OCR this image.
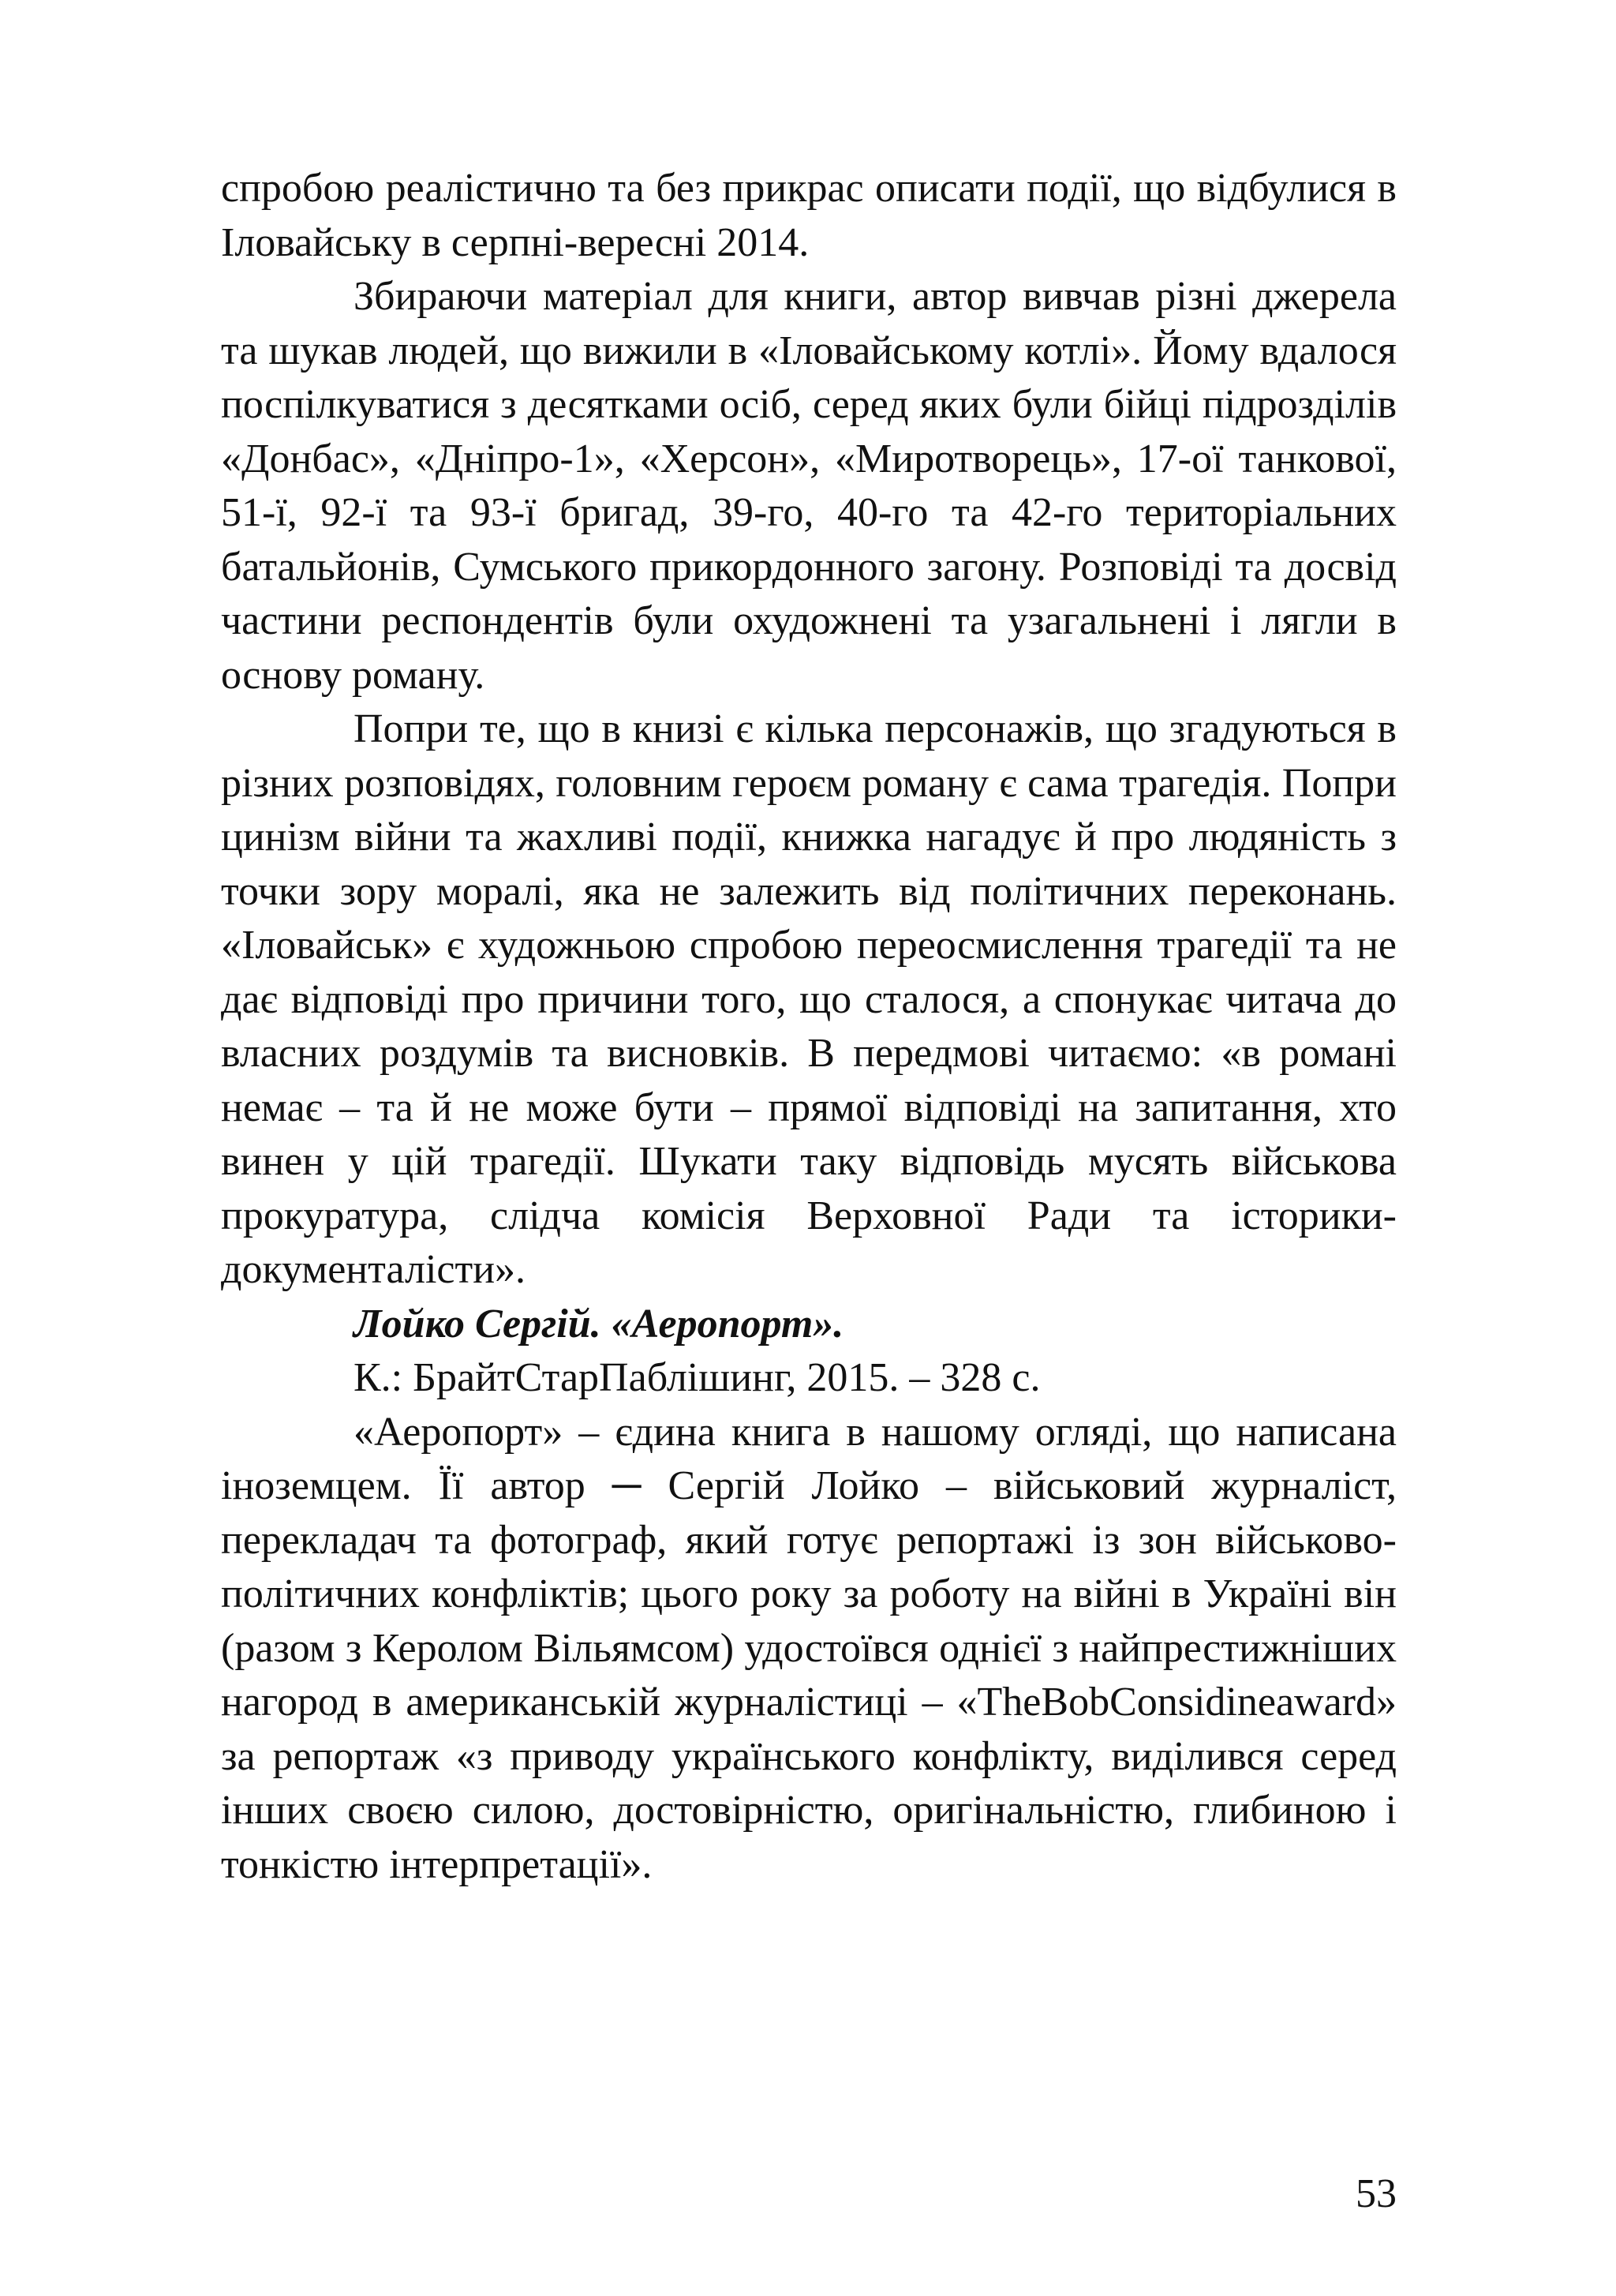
спробою реалістично та без прикрас описати події, що відбулися в Іловайську в серпні-вересні 2014.

Збираючи матеріал для книги, автор вивчав різні джерела та шукав людей, що вижили в «Іловайському котлі». Йому вдалося поспілкуватися з десятками осіб, серед яких були бійці підрозділів «Донбас», «Дніпро-1», «Херсон», «Миротворець», 17-ої танкової, 51-ї, 92-ї та 93-ї бригад, 39-го, 40-го та 42-го територіальних батальйонів, Сумського прикордонного загону. Розповіді та досвід частини респондентів були охудожнені та узагальнені і лягли в основу роману.

Попри те, що в книзі є кілька персонажів, що згадуються в різних розповідях, головним героєм роману є сама трагедія. Попри цинізм війни та жахливі події, книжка нагадує й про людяність з точки зору моралі, яка не залежить від політичних переконань. «Іловайськ» є художньою спробою переосмислення трагедії та не дає відповіді про причини того, що сталося, а спонукає читача до власних роздумів та висновків. В передмові читаємо: «в романі немає – та й не може бути – прямої відповіді на запитання, хто винен у цій трагедії. Шукати таку відповідь мусять військова прокуратура, слідча комісія Верховної Ради та історики-документалісти».

Лойко Сергій. «Аеропорт».

К.: БрайтСтарПаблішинг, 2015. – 328 с.

«Аеропорт» – єдина книга в нашому огляді, що написана іноземцем. Її автор ─ Сергій Лойко – військовий журналіст, перекладач та фотограф, який готує репортажі із зон військово-політичних конфліктів; цього року за роботу на війні в Україні він (разом з Керолом Вільямсом) удостоївся однієї з найпрестижніших нагород в американській журналістиці – «TheBobConsidineaward» за репортаж «з приводу українського конфлікту, виділився серед інших своєю силою, достовірністю, оригінальністю, глибиною і тонкістю інтерпретації».

53
